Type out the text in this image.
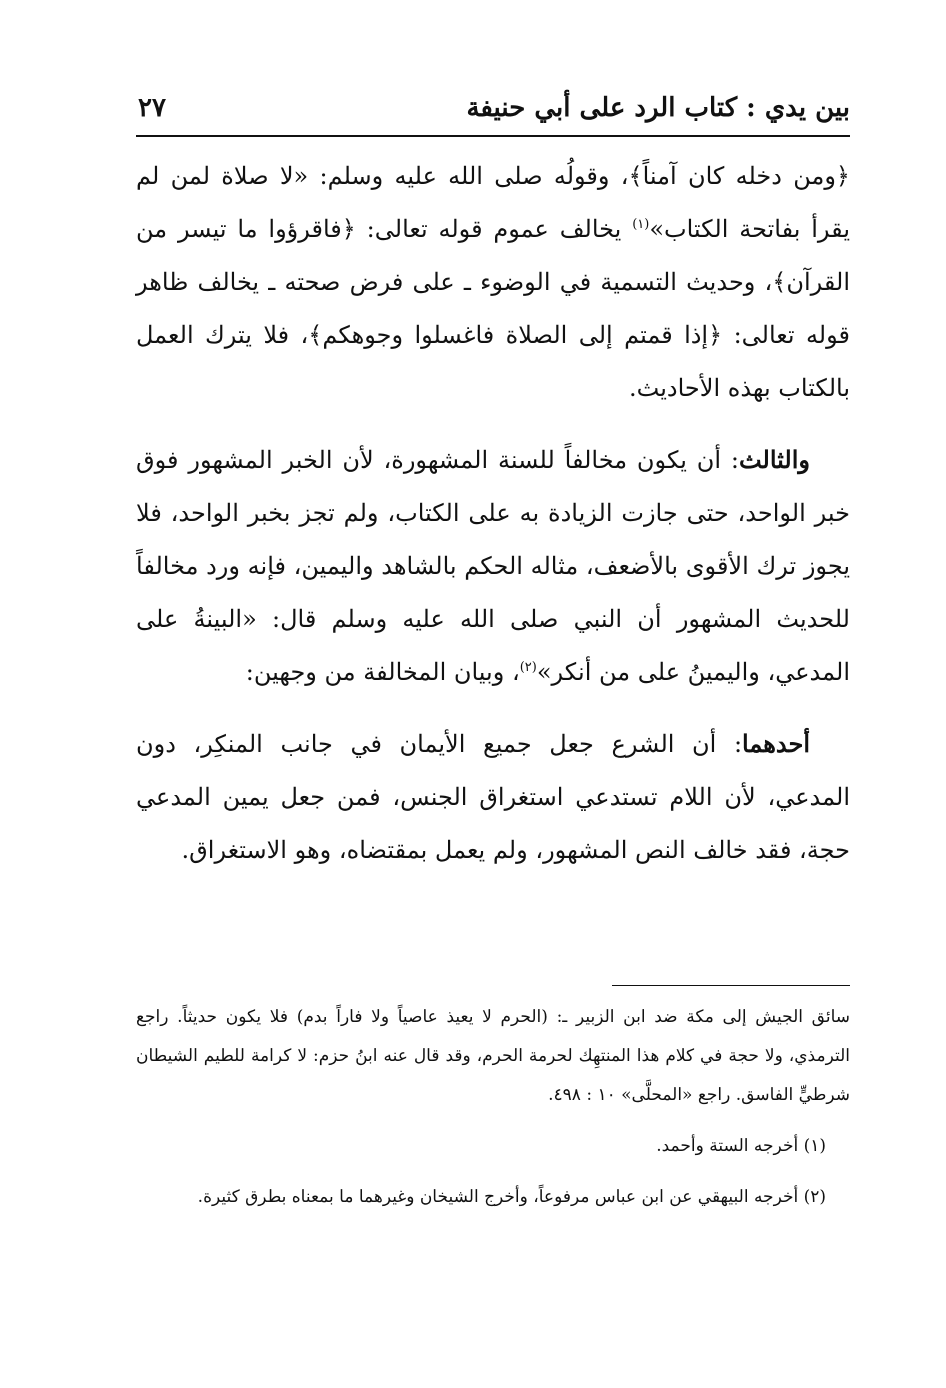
بين يدي : كتاب الرد على أبي حنيفة
٢٧

﴿ومن دخله كان آمناً﴾، وقولُه صلى الله عليه وسلم: «لا صلاة لمن لم يقرأ بفاتحة الكتاب»$^{(١)}$ يخالف عموم قوله تعالى: ﴿فاقرؤوا ما تيسر من القرآن﴾، وحديث التسمية في الوضوء ـ على فرض صحته ـ يخالف ظاهر قوله تعالى: ﴿إذا قمتم إلى الصلاة فاغسلوا وجوهكم﴾، فلا يترك العمل بالكتاب بهذه الأحاديث.

والثالث: أن يكون مخالفاً للسنة المشهورة، لأن الخبر المشهور فوق خبر الواحد، حتى جازت الزيادة به على الكتاب، ولم تجز بخبر الواحد، فلا يجوز ترك الأقوى بالأضعف، مثاله الحكم بالشاهد واليمين، فإنه ورد مخالفاً للحديث المشهور أن النبي صلى الله عليه وسلم قال: «البينةُ على المدعي، واليمينُ على من أنكر»$^{(٢)}$، وبيان المخالفة من وجهين:

أحدهما: أن الشرع جعل جميع الأيمان في جانب المنكِر، دون المدعي، لأن اللام تستدعي استغراق الجنس، فمن جعل يمين المدعي حجة، فقد خالف النص المشهور، ولم يعمل بمقتضاه، وهو الاستغراق.

سائق الجيش إلى مكة ضد ابن الزبير ـ: (الحرم لا يعيذ عاصياً ولا فاراً بدم) فلا يكون حديثاً. راجع الترمذي، ولا حجة في كلام هذا المنتهِك لحرمة الحرم، وقد قال عنه ابنُ حزم: لا كرامة للطيم الشيطان شرطيٍّ الفاسق. راجع «المحلَّى» ١٠ : ٤٩٨.

(١) أخرجه الستة وأحمد.

(٢) أخرجه البيهقي عن ابن عباس مرفوعاً، وأخرج الشيخان وغيرهما ما بمعناه بطرق كثيرة.
